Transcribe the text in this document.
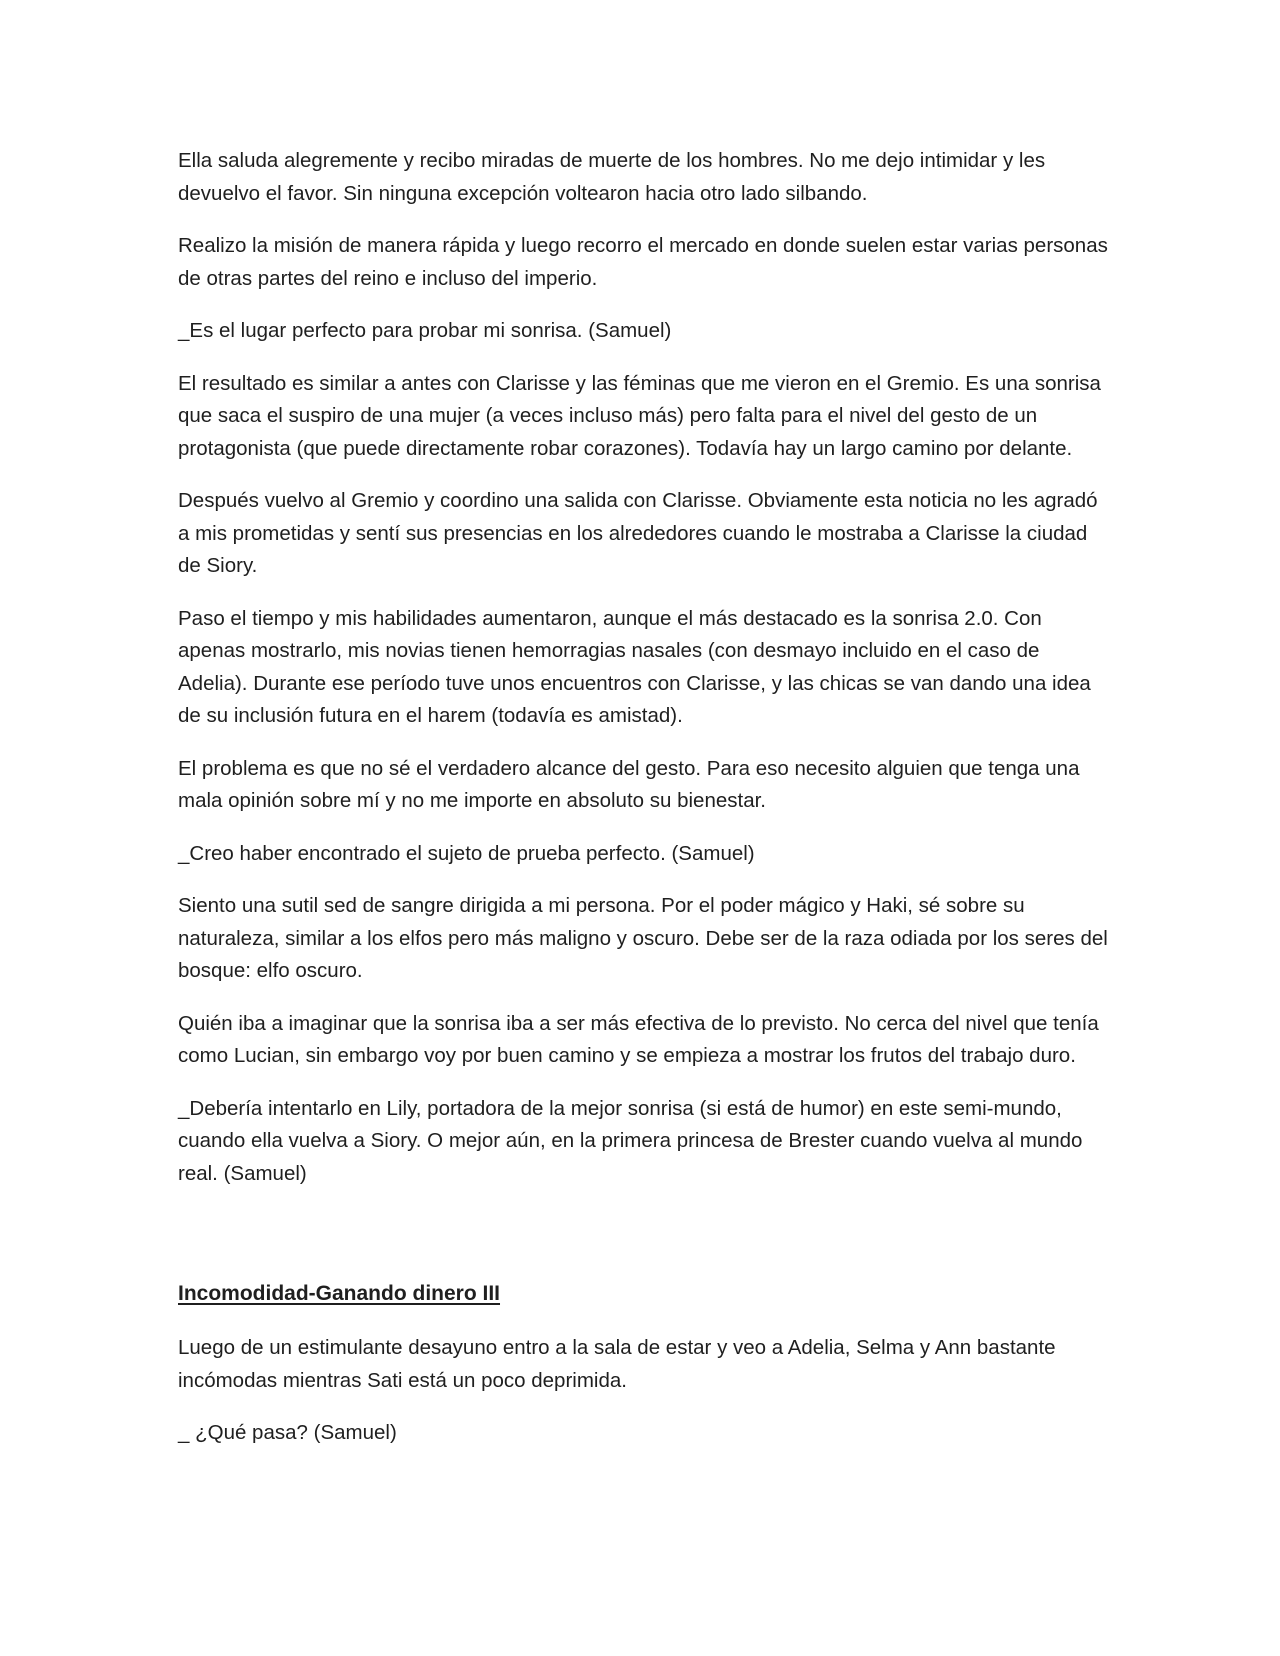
Ella saluda alegremente y recibo miradas de muerte de los hombres. No me dejo intimidar y les devuelvo el favor. Sin ninguna excepción voltearon hacia otro lado silbando.

Realizo la misión de manera rápida y luego recorro el mercado en donde suelen estar varias personas de otras partes del reino e incluso del imperio.

_Es el lugar perfecto para probar mi sonrisa. (Samuel)

El resultado es similar a antes con Clarisse y las féminas que me vieron en el Gremio. Es una sonrisa que saca el suspiro de una mujer (a veces incluso más) pero falta para el nivel del gesto de un protagonista (que puede directamente robar corazones). Todavía hay un largo camino por delante.

Después vuelvo al Gremio y coordino una salida con Clarisse. Obviamente esta noticia no les agradó a mis prometidas y sentí sus presencias en los alrededores cuando le mostraba a Clarisse la ciudad de Siory.

Paso el tiempo y mis habilidades aumentaron, aunque el más destacado es la sonrisa 2.0. Con apenas mostrarlo, mis novias tienen hemorragias nasales (con desmayo incluido en el caso de Adelia). Durante ese período tuve unos encuentros con Clarisse, y las chicas se van dando una idea de su inclusión futura en el harem (todavía es amistad).

El problema es que no sé el verdadero alcance del gesto. Para eso necesito alguien que tenga una mala opinión sobre mí y no me importe en absoluto su bienestar.

_Creo haber encontrado el sujeto de prueba perfecto. (Samuel)

Siento una sutil sed de sangre dirigida a mi persona. Por el poder mágico y Haki, sé sobre su naturaleza, similar a los elfos pero más maligno y oscuro. Debe ser de la raza odiada por los seres del bosque: elfo oscuro.

Quién iba a imaginar que la sonrisa iba a ser más efectiva de lo previsto. No cerca del nivel que tenía como Lucian, sin embargo voy por buen camino y se empieza a mostrar los frutos del trabajo duro.

_Debería intentarlo en Lily, portadora de la mejor sonrisa (si está de humor) en este semi-mundo, cuando ella vuelva a Siory. O mejor aún, en la primera princesa de Brester cuando vuelva al mundo real. (Samuel)

Incomodidad-Ganando dinero III

Luego de un estimulante desayuno entro a la sala de estar y veo a Adelia, Selma y Ann bastante incómodas mientras Sati está un poco deprimida.

_ ¿Qué pasa? (Samuel)
